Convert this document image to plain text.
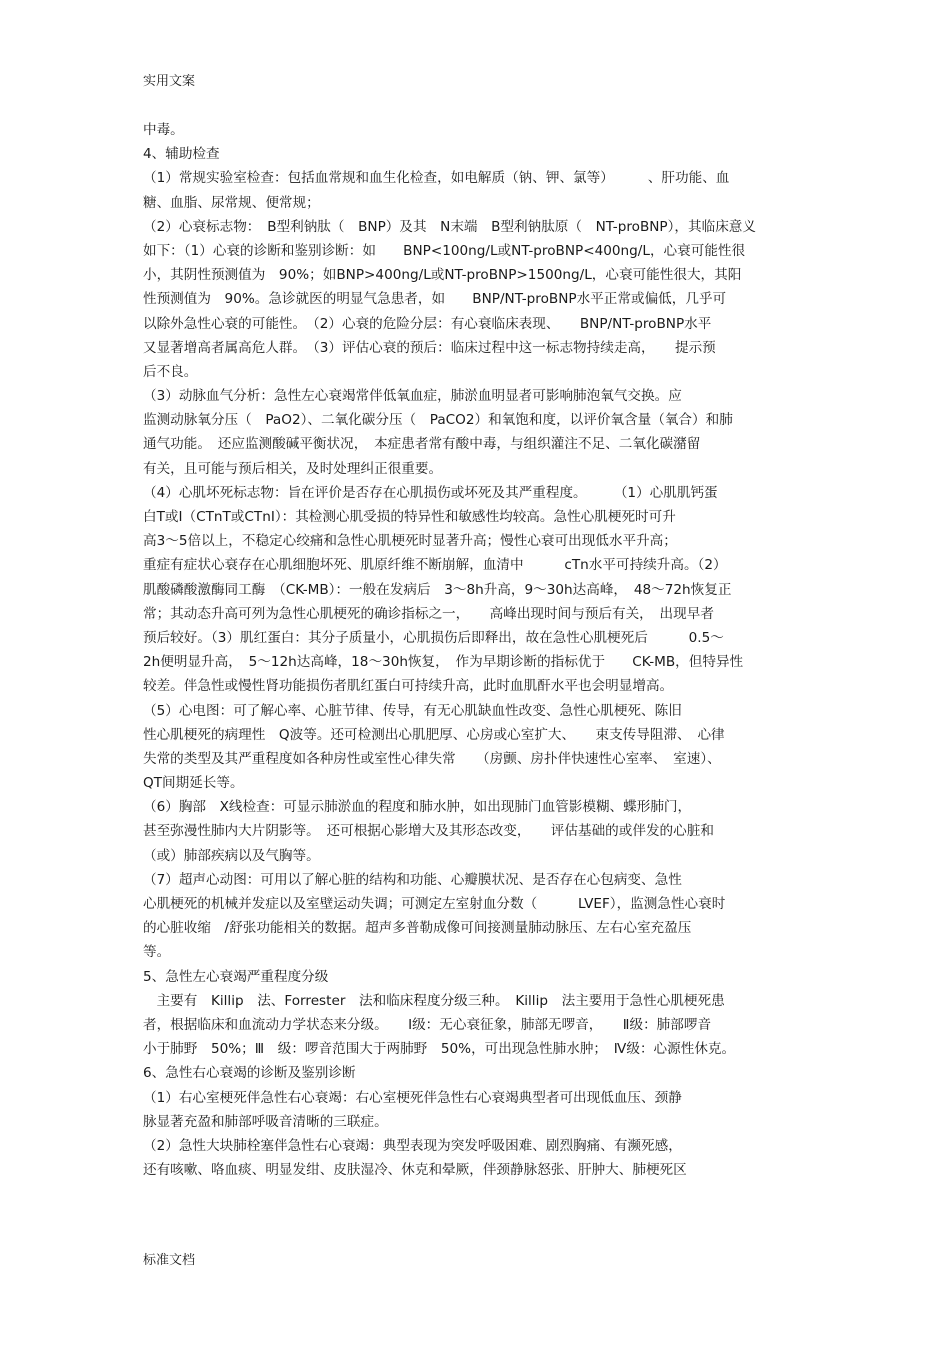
实用文案
中毒。
4、辅助检查
（1）常规实验室检查：包括血常规和血生化检查，如电解质（钠、钾、氯等）　　　、肝功能、血
糖、血脂、尿常规、便常规；
（2）心衰标志物：　B型利钠肽（　BNP）及其　N末端　B型利钠肽原（　NT-proBNP），其临床意义
如下：（1）心衰的诊断和鉴别诊断：如　　BNP<100ng/L或NT-proBNP<400ng/L，心衰可能性很
小，其阴性预测值为　90%；如BNP>400ng/L或NT-proBNP>1500ng/L，心衰可能性很大，其阳
性预测值为　90%。急诊就医的明显气急患者，如　　BNP/NT-proBNP水平正常或偏低，几乎可
以除外急性心衰的可能性。　（2）心衰的危险分层：有心衰临床表现、　　BNP/NT-proBNP水平
又显著增高者属高危人群。　（3）评估心衰的预后：临床过程中这一标志物持续走高，　　提示预
后不良。
（3）动脉血气分析：急性左心衰竭常伴低氧血症，肺淤血明显者可影响肺泡氧气交换。应
监测动脉氧分压（　PaO2）、二氧化碳分压（　PaCO2）和氧饱和度，以评价氧含量（氧合）和肺
通气功能。　还应监测酸碱平衡状况，　本症患者常有酸中毒，与组织灌注不足、二氧化碳潴留
有关，且可能与预后相关，及时处理纠正很重要。
（4）心肌坏死标志物：旨在评价是否存在心肌损伤或坏死及其严重程度。　　　（1）心肌肌钙蛋
白T或I（CTnT或CTnI）：其检测心肌受损的特异性和敏感性均较高。急性心肌梗死时可升
高3～5倍以上，不稳定心绞痛和急性心肌梗死时显著升高；慢性心衰可出现低水平升高；
重症有症状心衰存在心肌细胞坏死、肌原纤维不断崩解，血清中　　　cTn水平可持续升高。（2）
肌酸磷酸激酶同工酶　（CK-MB）：一般在发病后　3～8h升高，9～30h达高峰，　48～72h恢复正
常；其动态升高可列为急性心肌梗死的确诊指标之一，　　高峰出现时间与预后有关，　出现早者
预后较好。（3）肌红蛋白：其分子质量小，心肌损伤后即释出，故在急性心肌梗死后　　　0.5～
2h便明显升高，　5～12h达高峰，18～30h恢复，　作为早期诊断的指标优于　　CK-MB，但特异性
较差。伴急性或慢性肾功能损伤者肌红蛋白可持续升高，此时血肌酐水平也会明显增高。
（5）心电图：可了解心率、心脏节律、传导，有无心肌缺血性改变、急性心肌梗死、陈旧
性心肌梗死的病理性　Q波等。还可检测出心肌肥厚、心房或心室扩大、　　束支传导阻滞、　心律
失常的类型及其严重程度如各种房性或室性心律失常　　（房颤、房扑伴快速性心室率、　室速）、
QT间期延长等。
（6）胸部　X线检查：可显示肺淤血的程度和肺水肿，如出现肺门血管影模糊、蝶形肺门，
甚至弥漫性肺内大片阴影等。　还可根据心影增大及其形态改变，　　评估基础的或伴发的心脏和
（或）肺部疾病以及气胸等。
（7）超声心动图：可用以了解心脏的结构和功能、心瓣膜状况、是否存在心包病变、急性
心肌梗死的机械并发症以及室壁运动失调；可测定左室射血分数（　　　LVEF），监测急性心衰时
的心脏收缩　/舒张功能相关的数据。超声多普勒成像可间接测量肺动脉压、左右心室充盈压
等。
5、急性左心衰竭严重程度分级
　主要有　Killip　法、Forrester　法和临床程度分级三种。　Killip　法主要用于急性心肌梗死患
者，根据临床和血流动力学状态来分级。　　Ⅰ级：无心衰征象，肺部无啰音，　　Ⅱ级：肺部啰音
小于肺野　50%；Ⅲ　级：啰音范围大于两肺野　50%，可出现急性肺水肿；　Ⅳ级：心源性休克。
6、急性右心衰竭的诊断及鉴别诊断
（1）右心室梗死伴急性右心衰竭：右心室梗死伴急性右心衰竭典型者可出现低血压、颈静
脉显著充盈和肺部呼吸音清晰的三联症。
（2）急性大块肺栓塞伴急性右心衰竭：典型表现为突发呼吸困难、剧烈胸痛、有濒死感，
还有咳嗽、咯血痰、明显发绀、皮肤湿冷、休克和晕厥，伴颈静脉怒张、肝肿大、肺梗死区
标准文档
